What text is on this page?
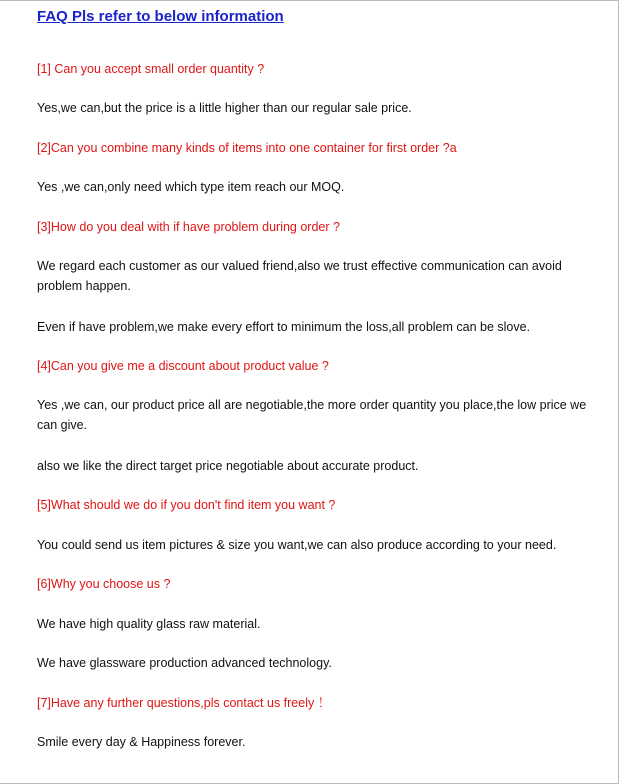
FAQ Pls refer to below information

[1] Can you accept small order quantity ?

Yes,we can,but the price is a little higher than our regular sale price.

[2]Can you combine many kinds of items into one container for first order ?a

Yes ,we can,only need which type item reach our MOQ.

[3]How do you deal with if have problem during order ?

We regard each customer as our valued friend,also we trust effective communication can avoid problem happen.

Even if have problem,we make every effort to minimum the loss,all problem can be slove.

[4]Can you give me a discount about product value ?

Yes ,we can, our product price all are negotiable,the more order quantity you place,the low price we can give.

also we like the direct target price negotiable about accurate product.

[5]What should we do if you don't find item you want ?

You could send us item pictures & size you want,we can also produce according to your need.

[6]Why you choose us ?

We have high quality glass raw material.

We have glassware production advanced technology.

[7]Have any further questions,pls contact us freely ！

Smile every day & Happiness forever.
